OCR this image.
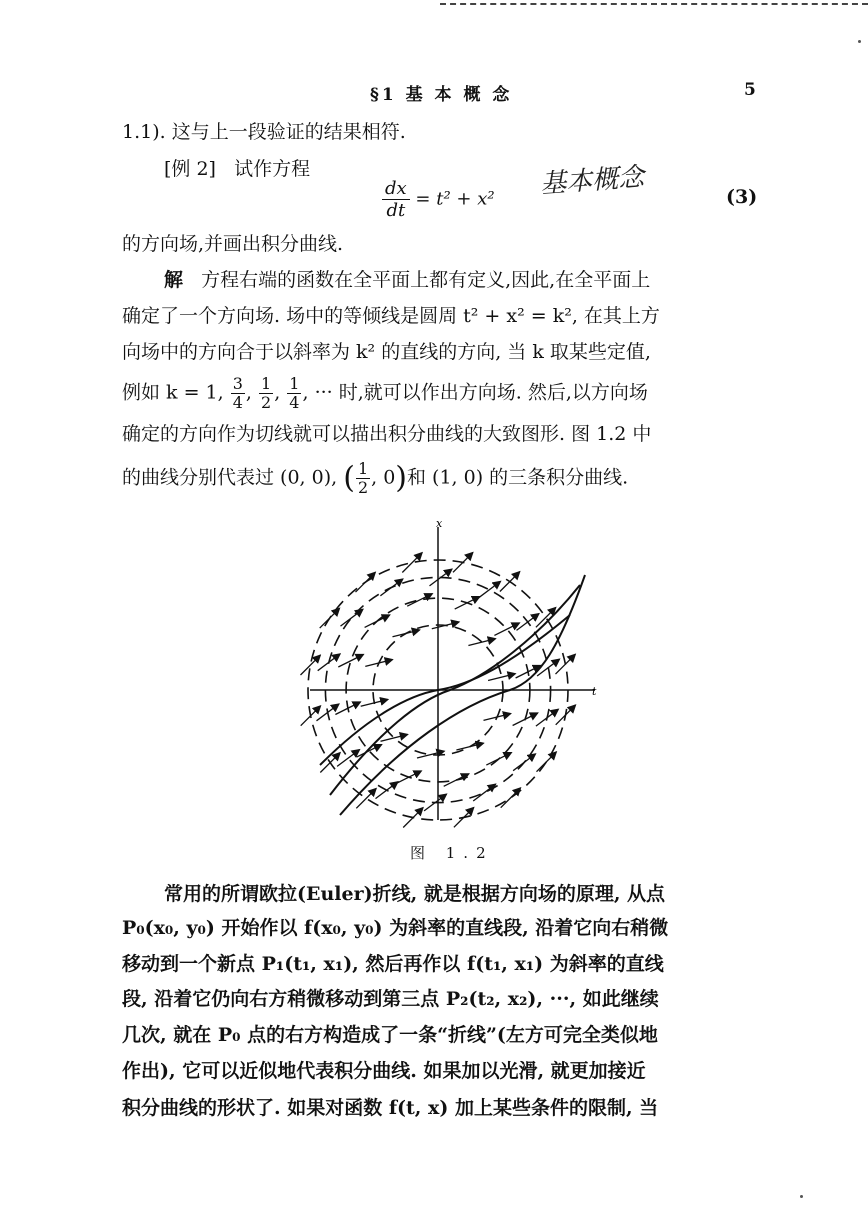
§1 基 本 概 念	5
1.1). 这与上一段验证的结果相符.
[例 2] 试作方程
$\frac{dx}{dt} = t^2 + x^2$ 基本概念	(3)
的方向场,并画出积分曲线.
解 方程右端的函数在全平面上都有定义,因此,在全平面上
确定了一个方向场. 场中的等倾线是圆周 t² + x² = k², 在其上方
向场中的方向合于以斜率为 k² 的直线的方向, 当 k 取某些定值,
例如 k = 1, $\frac{3}{4}$ , $\frac{1}{2}$ , $\frac{1}{4}$ , ··· 时,就可以作出方向场. 然后,以方向场
确定的方向作为切线就可以描出积分曲线的大致图形. 图 1.2 中
的曲线分别代表过 (0, 0), ( $\frac{1}{2}$ , 0)和 (1, 0) 的三条积分曲线.
t
x
图 1.2
常用的所谓欧拉(Euler)折线, 就是根据方向场的原理, 从点
P₀(x₀, y₀) 开始作以 f(x₀, y₀) 为斜率的直线段, 沿着它向右稍微
移动到一个新点 P₁(t₁, x₁), 然后再作以 f(t₁, x₁) 为斜率的直线
段, 沿着它仍向右方稍微移动到第三点 P₂(t₂, x₂), ···, 如此继续
几次, 就在 P₀ 点的右方构造成了一条“折线”(左方可完全类似地
作出), 它可以近似地代表积分曲线. 如果加以光滑, 就更加接近
积分曲线的形状了. 如果对函数 f(t, x) 加上某些条件的限制, 当
